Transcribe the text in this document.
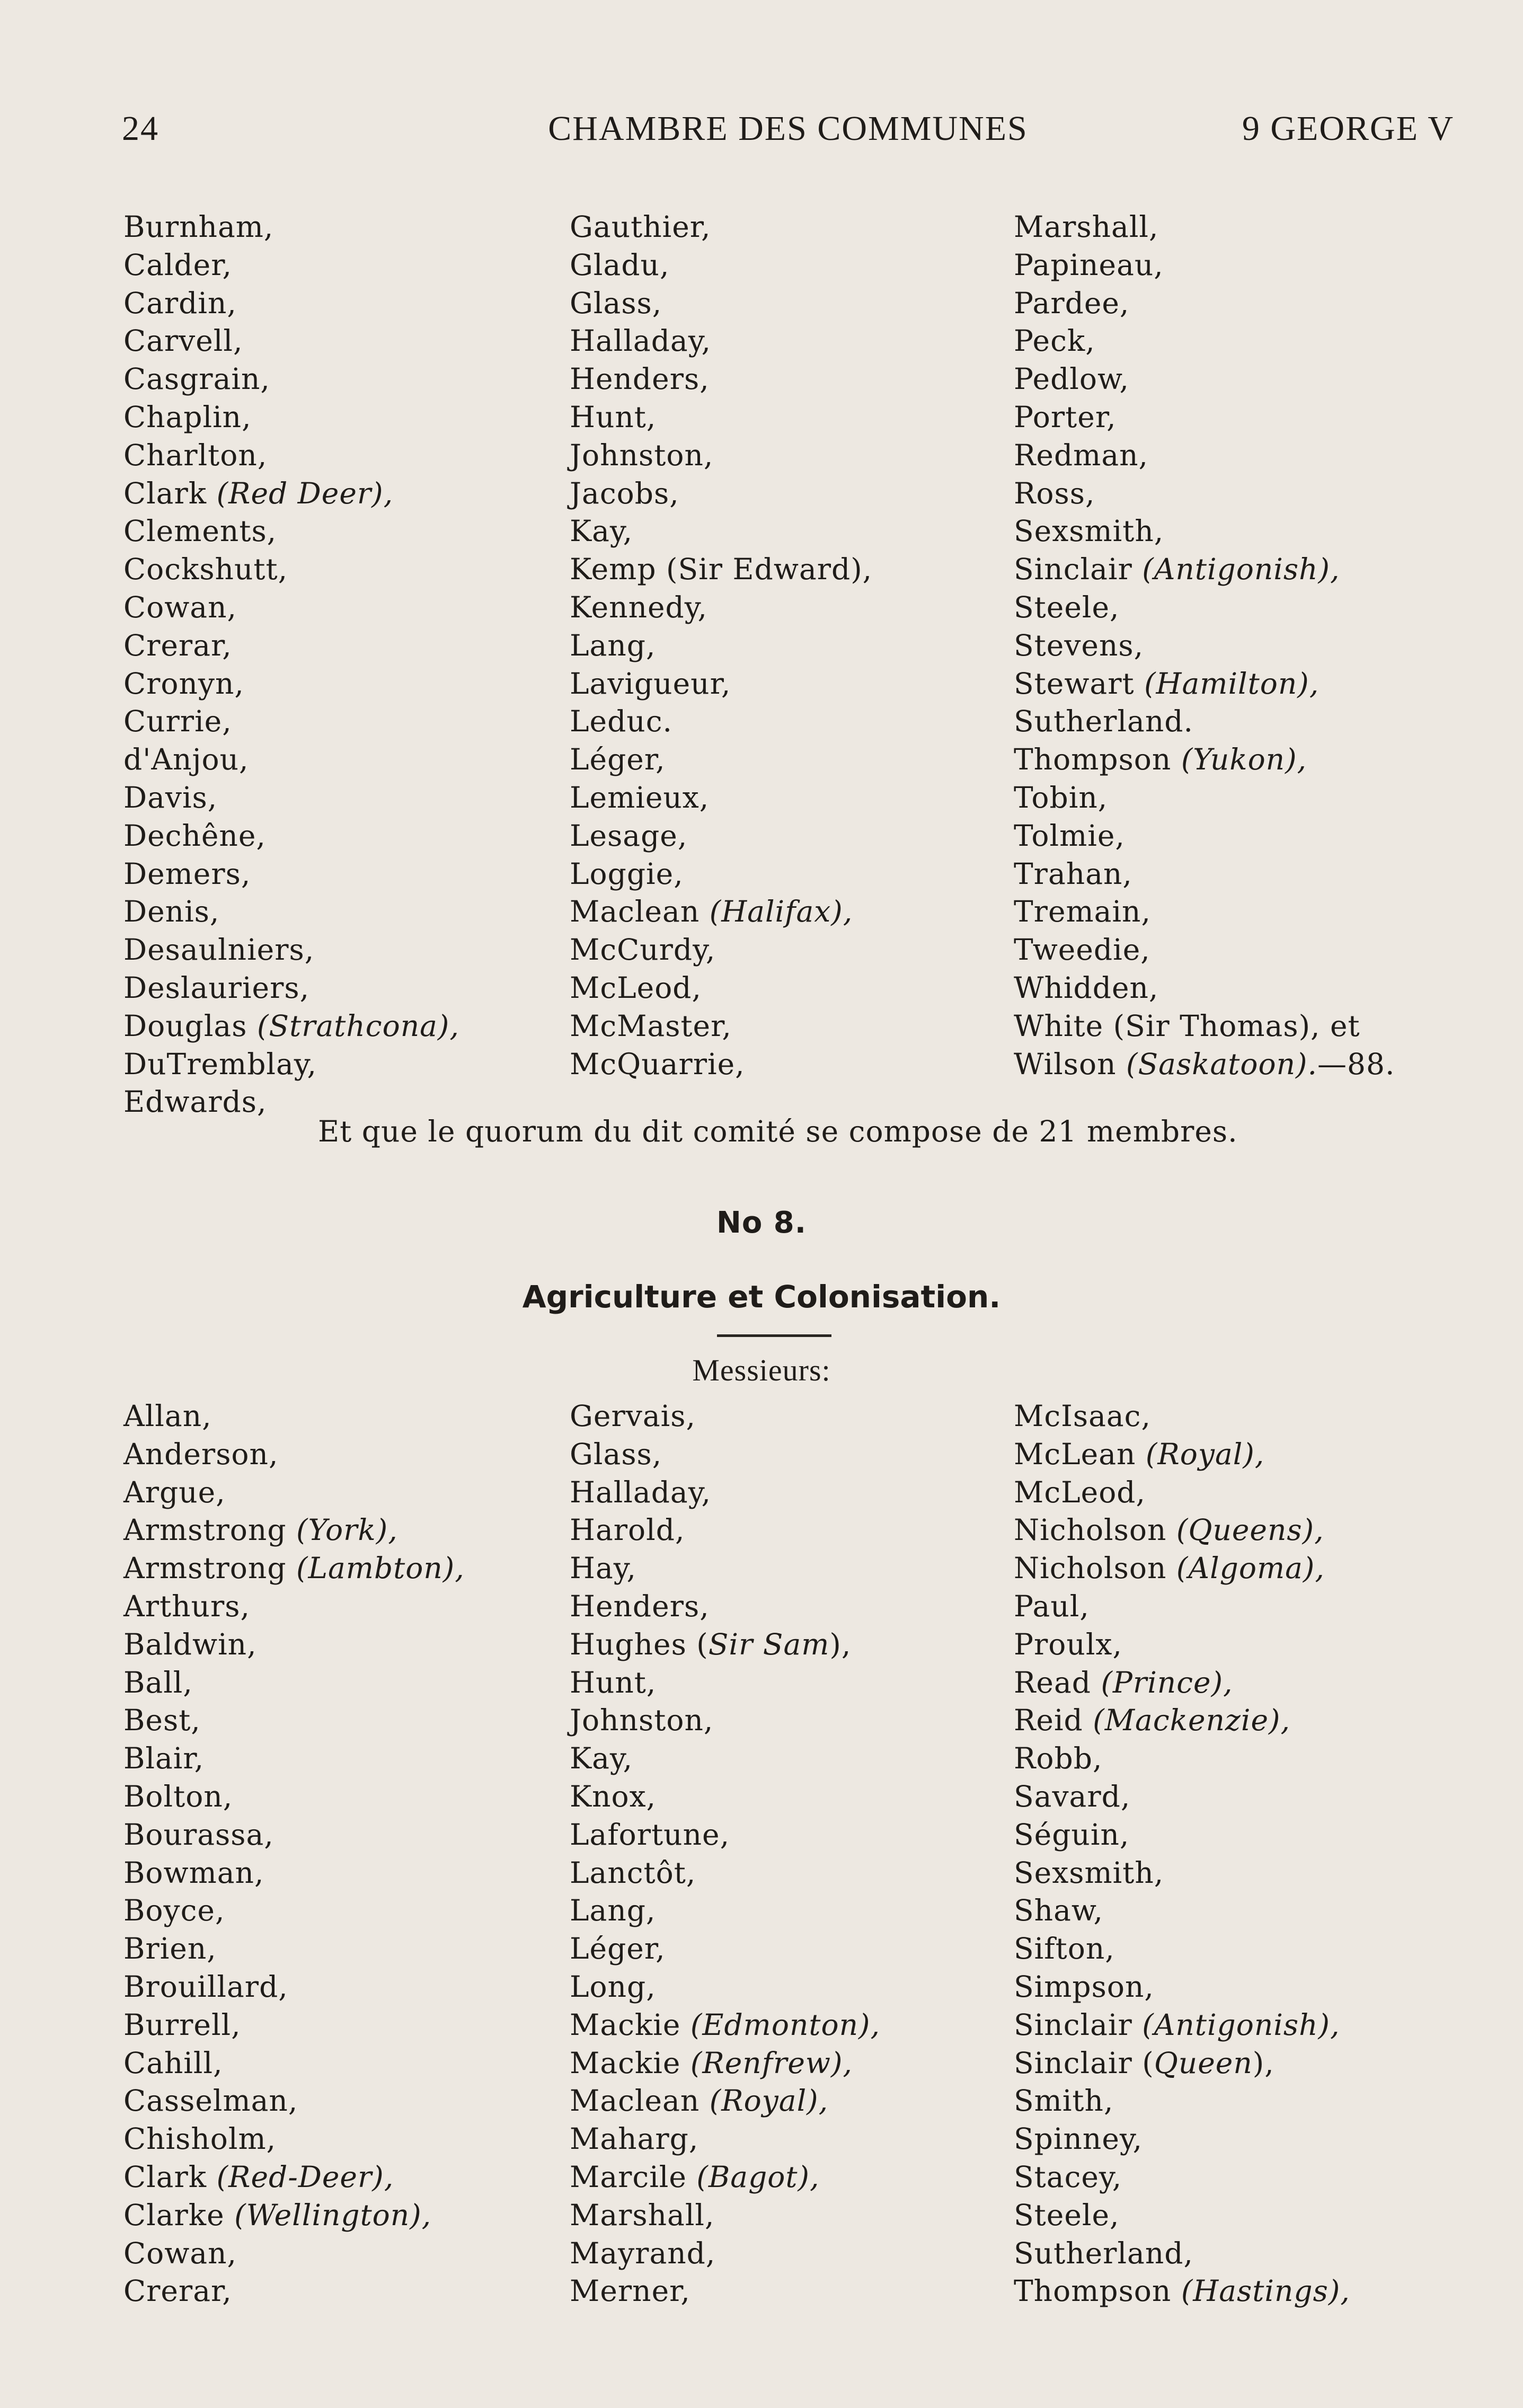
24	CHAMBRE DES COMMUNES	9 GEORGE V
Burnham,
Calder,
Cardin,
Carvell,
Casgrain,
Chaplin,
Charlton,
Clark (Red Deer),
Clements,
Cockshutt,
Cowan,
Crerar,
Cronyn,
Currie,
d'Anjou,
Davis,
Dechêne,
Demers,
Denis,
Desaulniers,
Deslauriers,
Douglas (Strathcona),
DuTremblay,
Edwards,
Gauthier,
Gladu,
Glass,
Halladay,
Henders,
Hunt,
Johnston,
Jacobs,
Kay,
Kemp (Sir Edward),
Kennedy,
Lang,
Lavigueur,
Leduc.
Léger,
Lemieux,
Lesage,
Loggie,
Maclean (Halifax),
McCurdy,
McLeod,
McMaster,
McQuarrie,
Marshall,
Papineau,
Pardee,
Peck,
Pedlow,
Porter,
Redman,
Ross,
Sexsmith,
Sinclair (Antigonish),
Steele,
Stevens,
Stewart (Hamilton),
Sutherland.
Thompson (Yukon),
Tobin,
Tolmie,
Trahan,
Tremain,
Tweedie,
Whidden,
White (Sir Thomas), et
Wilson (Saskatoon).—88.
Et que le quorum du dit comité se compose de 21 membres.
No 8.
Agriculture et Colonisation.
Messieurs:
Allan,
Anderson,
Argue,
Armstrong (York),
Armstrong (Lambton),
Arthurs,
Baldwin,
Ball,
Best,
Blair,
Bolton,
Bourassa,
Bowman,
Boyce,
Brien,
Brouillard,
Burrell,
Cahill,
Casselman,
Chisholm,
Clark (Red-Deer),
Clarke (Wellington),
Cowan,
Crerar,
Gervais,
Glass,
Halladay,
Harold,
Hay,
Henders,
Hughes (Sir Sam),
Hunt,
Johnston,
Kay,
Knox,
Lafortune,
Lanctôt,
Lang,
Léger,
Long,
Mackie (Edmonton),
Mackie (Renfrew),
Maclean (Royal),
Maharg,
Marcile (Bagot),
Marshall,
Mayrand,
Merner,
McIsaac,
McLean (Royal),
McLeod,
Nicholson (Queens),
Nicholson (Algoma),
Paul,
Proulx,
Read (Prince),
Reid (Mackenzie),
Robb,
Savard,
Séguin,
Sexsmith,
Shaw,
Sifton,
Simpson,
Sinclair (Antigonish),
Sinclair (Queen),
Smith,
Spinney,
Stacey,
Steele,
Sutherland,
Thompson (Hastings),
